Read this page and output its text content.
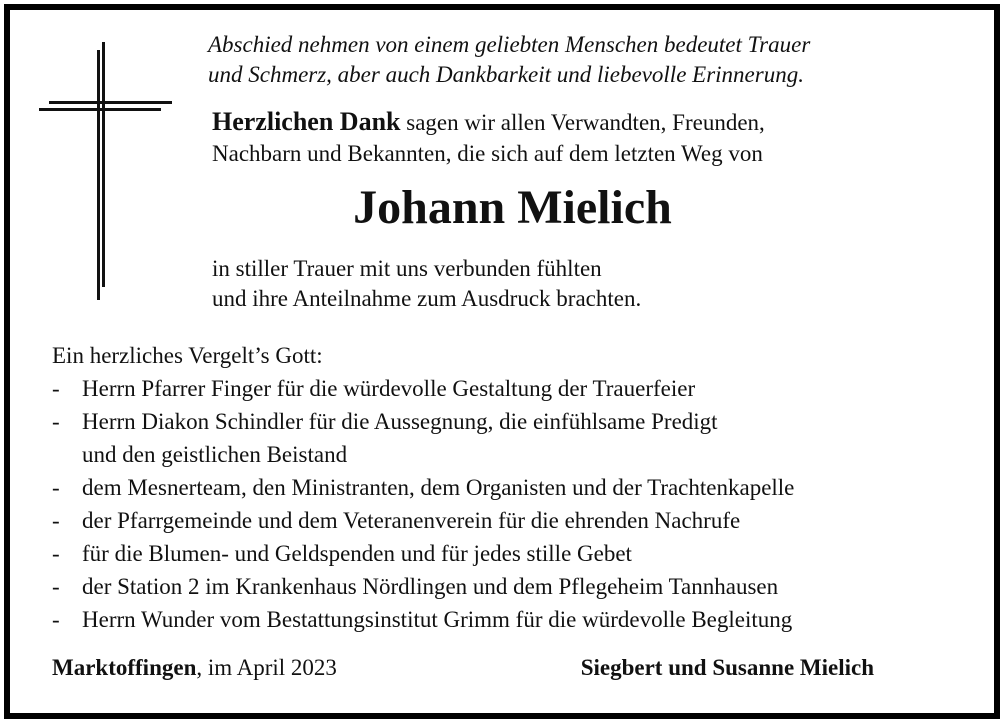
Abschied nehmen von einem geliebten Menschen bedeutet Trauer
und Schmerz, aber auch Dankbarkeit und liebevolle Erinnerung.

Herzlichen Dank sagen wir allen Verwandten, Freunden,
Nachbarn und Bekannten, die sich auf dem letzten Weg von

Johann Mielich

in stiller Trauer mit uns verbunden fühlten
und ihre Anteilnahme zum Ausdruck brachten.

Ein herzliches Vergelt’s Gott:

- Herrn Pfarrer Finger für die würdevolle Gestaltung der Trauerfeier
- Herrn Diakon Schindler für die Aussegnung, die einfühlsame Predigt
und den geistlichen Beistand
- dem Mesnerteam, den Ministranten, dem Organisten und der Trachtenkapelle
- der Pfarrgemeinde und dem Veteranenverein für die ehrenden Nachrufe
- für die Blumen- und Geldspenden und für jedes stille Gebet
- der Station 2 im Krankenhaus Nördlingen und dem Pflegeheim Tannhausen
- Herrn Wunder vom Bestattungsinstitut Grimm für die würdevolle Begleitung

Marktoffingen, im April 2023	Siegbert und Susanne Mielich
